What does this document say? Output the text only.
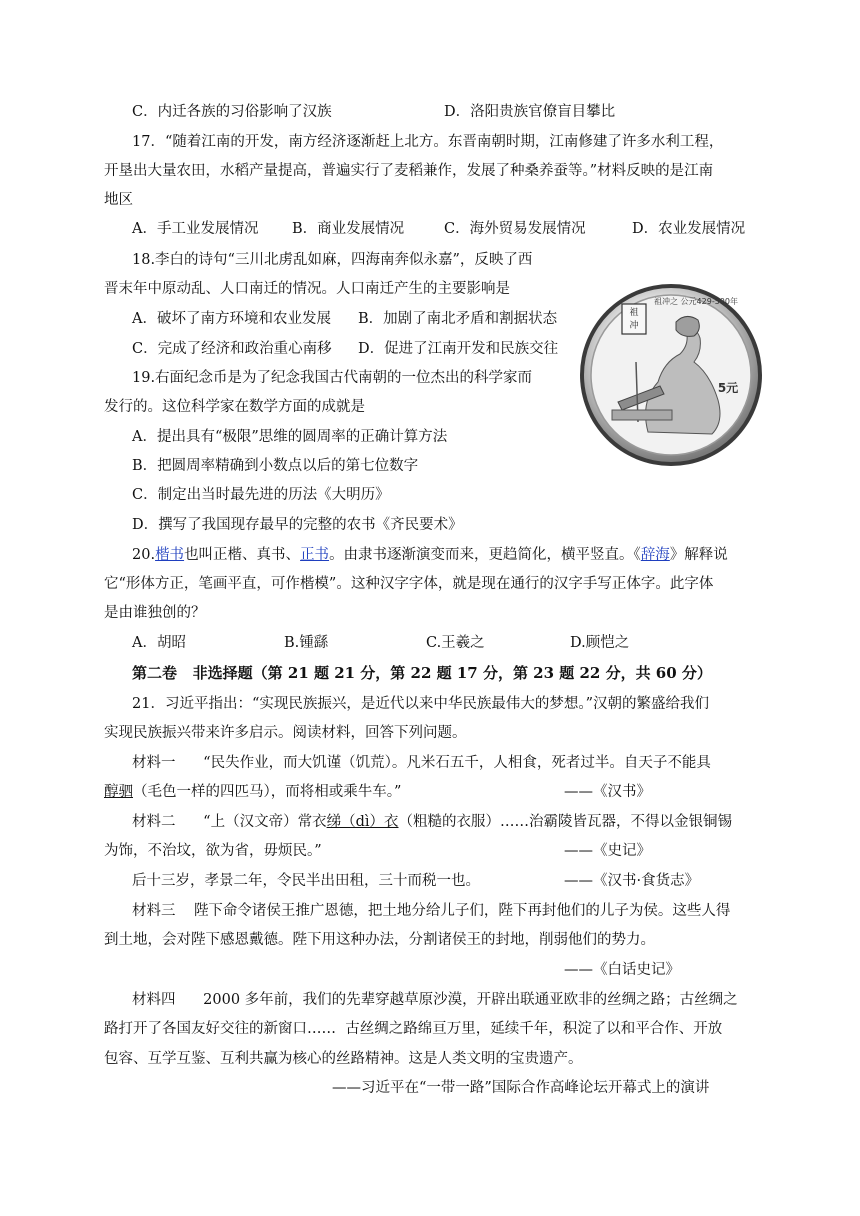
C．内迁各族的习俗影响了汉族	D．洛阳贵族官僚盲目攀比
17．“随着江南的开发，南方经济逐渐赶上北方。东晋南朝时期，江南修建了许多水利工程，
开垦出大量农田，水稻产量提高，普遍实行了麦稻兼作，发展了种桑养蚕等。”材料反映的是江南
地区
A．手工业发展情况 B．商业发展情况	C．海外贸易发展情况	D．农业发展情况
18.李白的诗句“三川北虏乱如麻，四海南奔似永嘉”，反映了西
晋末年中原动乱、人口南迁的情况。人口南迁产生的主要影响是
A．破坏了南方环境和农业发展 B．加剧了南北矛盾和割据状态
C．完成了经济和政治重心南移 D．促进了江南开发和民族交往
祖
冲
祖冲之 公元429-500年
5元
19.右面纪念币是为了纪念我国古代南朝的一位杰出的科学家而
发行的。这位科学家在数学方面的成就是
A．提出具有“极限”思维的圆周率的正确计算方法
B．把圆周率精确到小数点以后的第七位数字
C．制定出当时最先进的历法《大明历》
D．撰写了我国现存最早的完整的农书《齐民要术》
20.楷书也叫正楷、真书、正书。由隶书逐渐演变而来，更趋简化，横平竖直。《辞海》解释说
它“形体方正，笔画平直，可作楷模”。这种汉字字体，就是现在通行的汉字手写正体字。此字体
是由谁独创的？
A．胡昭	B.锺繇	C.王羲之	D.顾恺之
第二卷   非选择题（第 21 题 21 分，第 22 题 17 分，第 23 题 22 分，共 60 分）
21．习近平指出：“实现民族振兴，是近代以来中华民族最伟大的梦想。”汉朝的繁盛给我们
实现民族振兴带来许多启示。阅读材料，回答下列问题。
材料一 “民失作业，而大饥谨（饥荒）。凡米石五千，人相食，死者过半。自天子不能具
醇驷（毛色一样的四匹马），而将相或乘牛车。”	——《汉书》
材料二 “上（汉文帝）常衣绨（dì）衣（粗糙的衣服）……治霸陵皆瓦器，不得以金银铜锡
为饰，不治坟，欲为省，毋烦民。”	——《史记》
后十三岁，孝景二年，令民半出田租，三十而税一也。	——《汉书·食货志》
材料三 陛下命令诸侯王推广恩德，把土地分给儿子们，陛下再封他们的儿子为侯。这些人得
到土地，会对陛下感恩戴德。陛下用这种办法，分割诸侯王的封地，削弱他们的势力。
——《白话史记》
材料四 2000 多年前，我们的先辈穿越草原沙漠，开辟出联通亚欧非的丝绸之路；古丝绸之
路打开了各国友好交往的新窗口……  古丝绸之路绵亘万里，延续千年，积淀了以和平合作、开放
包容、互学互鉴、互利共赢为核心的丝路精神。这是人类文明的宝贵遗产。
——习近平在“一带一路”国际合作高峰论坛开幕式上的演讲
